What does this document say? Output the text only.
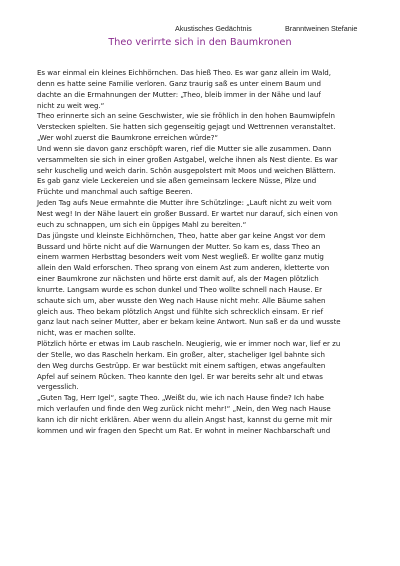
Akustisches Gedächtnis	Branntweinen Stefanie
Theo verirrte sich in den Baumkronen
Es war einmal ein kleines Eichhörnchen. Das hieß Theo. Es war ganz allein im Wald,
denn es hatte seine Familie verloren. Ganz traurig saß es unter einem Baum und
dachte an die Ermahnungen der Mutter: „Theo, bleib immer in der Nähe und lauf
nicht zu weit weg.“
Theo erinnerte sich an seine Geschwister, wie sie fröhlich in den hohen Baumwipfeln
Verstecken spielten. Sie hatten sich gegenseitig gejagt und Wettrennen veranstaltet.
„Wer wohl zuerst die Baumkrone erreichen würde?“
Und wenn sie davon ganz erschöpft waren, rief die Mutter sie alle zusammen. Dann
versammelten sie sich in einer großen Astgabel, welche ihnen als Nest diente. Es war
sehr kuschelig und weich darin. Schön ausgepolstert mit Moos und weichen Blättern.
Es gab ganz viele Leckereien und sie aßen gemeinsam leckere Nüsse, Pilze und
Früchte und manchmal auch saftige Beeren.
Jeden Tag aufs Neue ermahnte die Mutter ihre Schützlinge: „Lauft nicht zu weit vom
Nest weg! In der Nähe lauert ein großer Bussard. Er wartet nur darauf, sich einen von
euch zu schnappen, um sich ein üppiges Mahl zu bereiten.“
Das jüngste und kleinste Eichhörnchen, Theo, hatte aber gar keine Angst vor dem
Bussard und hörte nicht auf die Warnungen der Mutter. So kam es, dass Theo an
einem warmen Herbsttag besonders weit vom Nest wegließ. Er wollte ganz mutig
allein den Wald erforschen. Theo sprang von einem Ast zum anderen, kletterte von
einer Baumkrone zur nächsten und hörte erst damit auf, als der Magen plötzlich
knurrte. Langsam wurde es schon dunkel und Theo wollte schnell nach Hause. Er
schaute sich um, aber wusste den Weg nach Hause nicht mehr. Alle Bäume sahen
gleich aus. Theo bekam plötzlich Angst und fühlte sich schrecklich einsam. Er rief
ganz laut nach seiner Mutter, aber er bekam keine Antwort. Nun saß er da und wusste
nicht, was er machen sollte.
Plötzlich hörte er etwas im Laub rascheln. Neugierig, wie er immer noch war, lief er zu
der Stelle, wo das Rascheln herkam. Ein großer, alter, stacheliger Igel bahnte sich
den Weg durchs Gestrüpp. Er war bestückt mit einem saftigen, etwas angefaulten
Apfel auf seinem Rücken. Theo kannte den Igel. Er war bereits sehr alt und etwas
vergesslich.
„Guten Tag, Herr Igel“, sagte Theo. „Weißt du, wie ich nach Hause finde? Ich habe
mich verlaufen und finde den Weg zurück nicht mehr!“ „Nein, den Weg nach Hause
kann ich dir nicht erklären. Aber wenn du allein Angst hast, kannst du gerne mit mir
kommen und wir fragen den Specht um Rat. Er wohnt in meiner Nachbarschaft und
